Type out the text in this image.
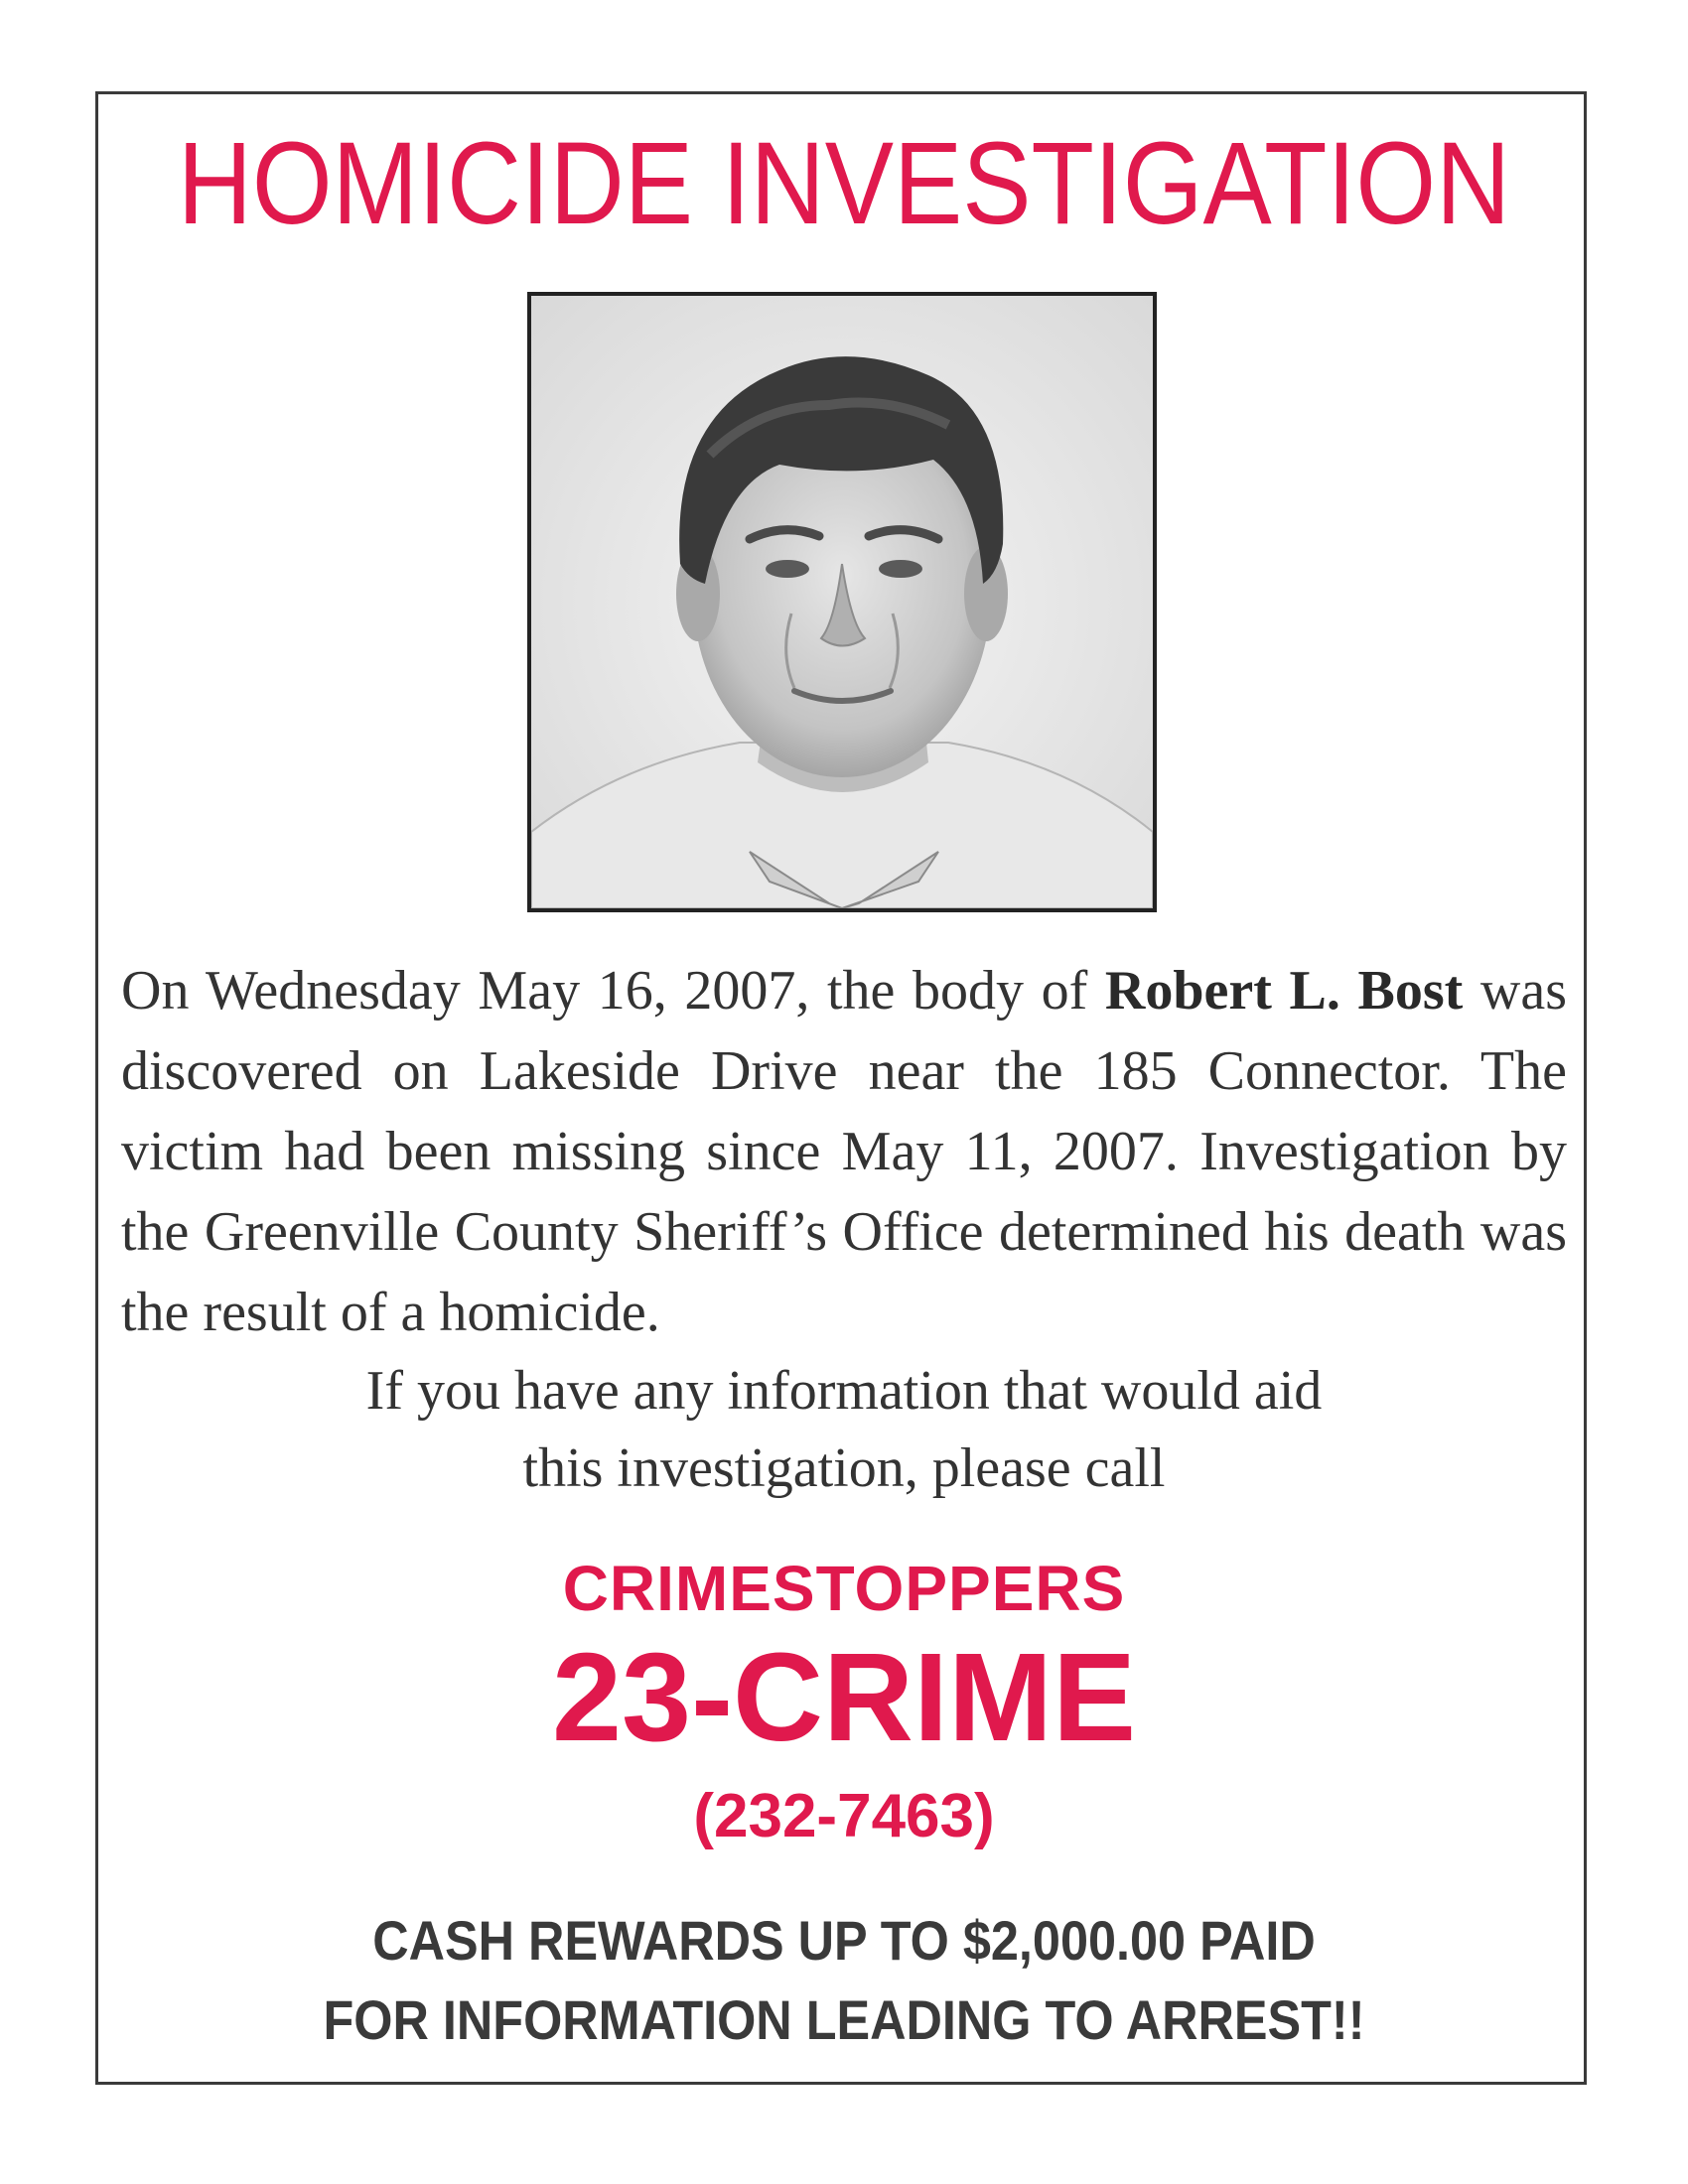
HOMICIDE INVESTIGATION
On Wednesday May 16, 2007, the body of Robert L. Bost was discovered on Lakeside Drive near the 185 Connector. The victim had been missing since May 11, 2007. Investigation by the Greenville County Sheriff’s Office determined his death was the result of a homicide.
If you have any information that would aid
this investigation, please call
CRIMESTOPPERS
23-CRIME
(232-7463)
CASH REWARDS UP TO $2,000.00 PAID
FOR INFORMATION LEADING TO ARREST!!
